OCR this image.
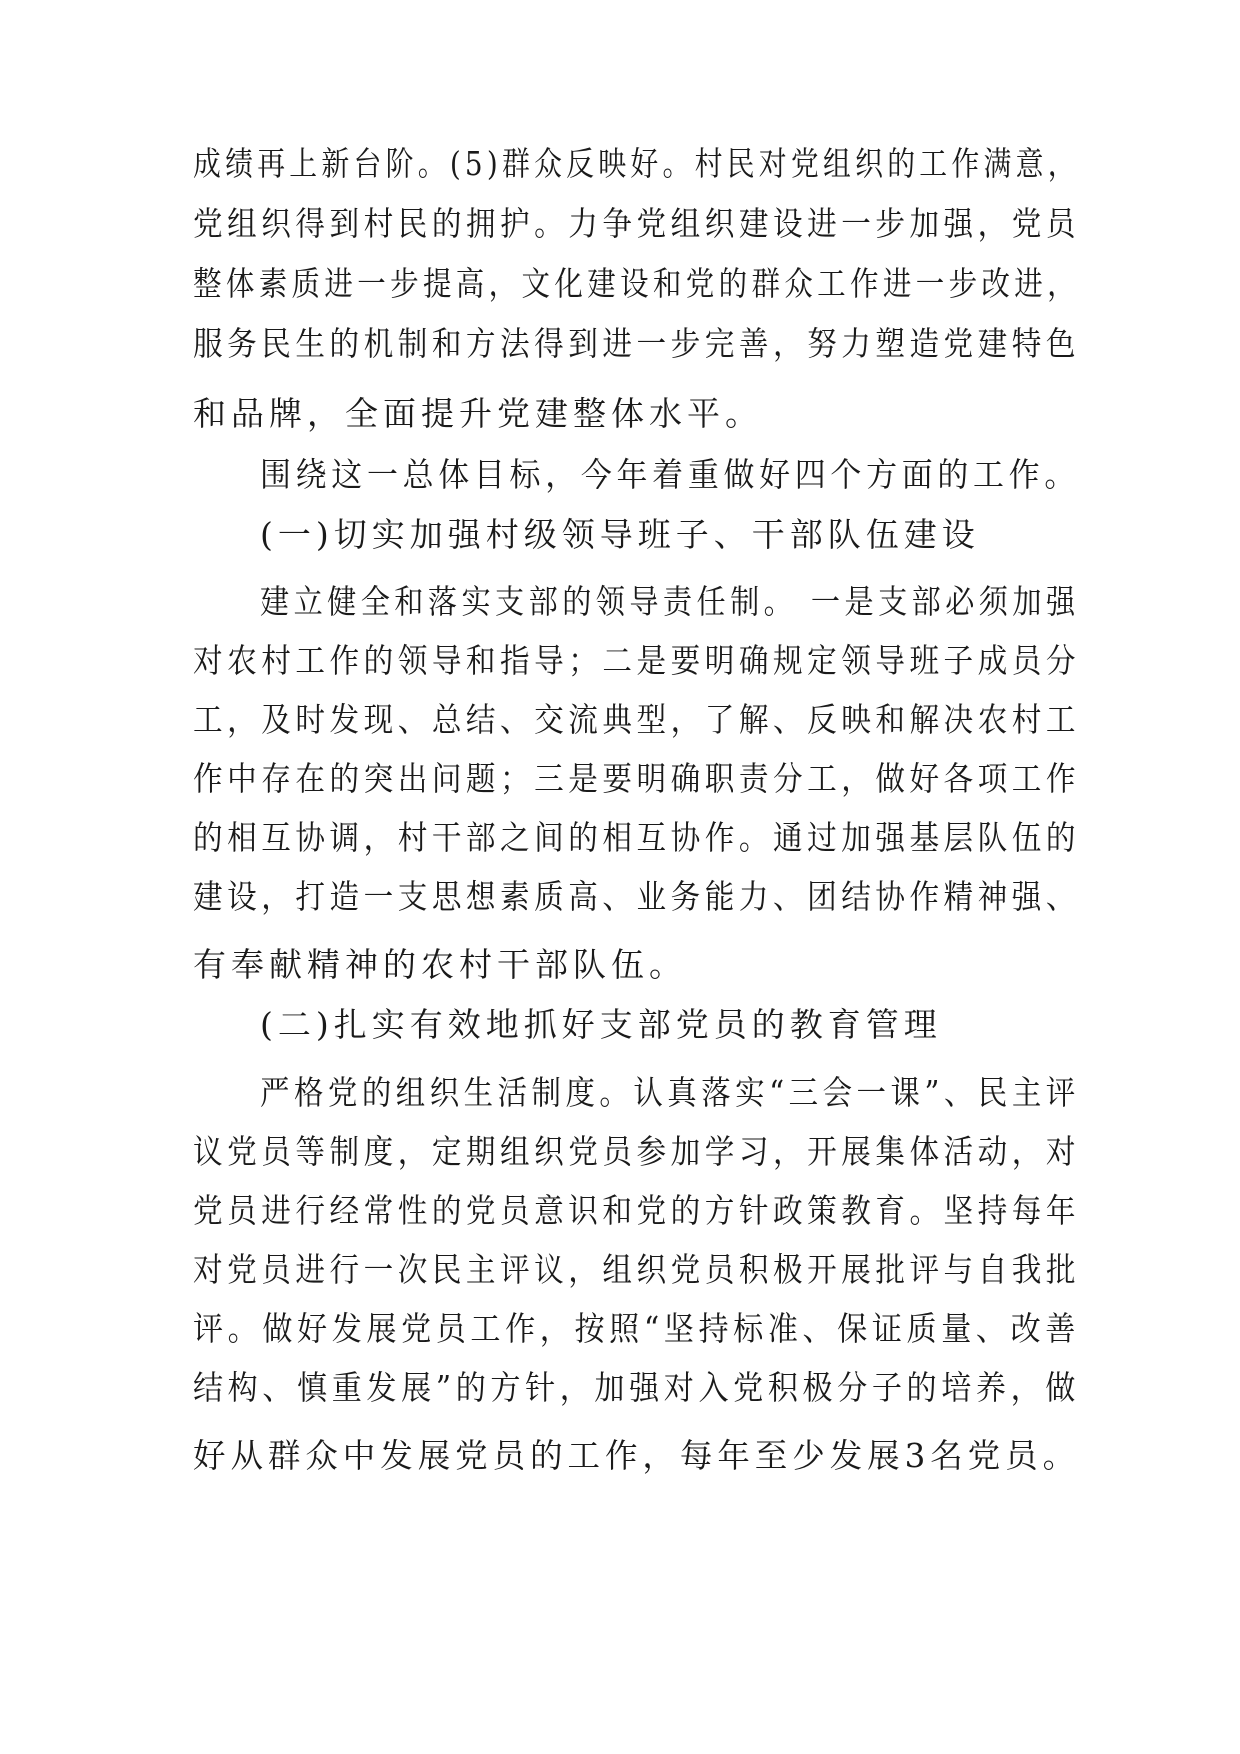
成绩再上新台阶。(5)群众反映好。村民对党组织的工作满意，
党组织得到村民的拥护。力争党组织建设进一步加强，党员
整体素质进一步提高，文化建设和党的群众工作进一步改进，
服务民生的机制和方法得到进一步完善，努力塑造党建特色
和品牌，全面提升党建整体水平。
围绕这一总体目标，今年着重做好四个方面的工作。
(一)切实加强村级领导班子、干部队伍建设
建立健全和落实支部的领导责任制。 一是支部必须加强
对农村工作的领导和指导；二是要明确规定领导班子成员分
工，及时发现、总结、交流典型，了解、反映和解决农村工
作中存在的突出问题；三是要明确职责分工，做好各项工作
的相互协调，村干部之间的相互协作。通过加强基层队伍的
建设，打造一支思想素质高、业务能力、团结协作精神强、
有奉献精神的农村干部队伍。
(二)扎实有效地抓好支部党员的教育管理
严格党的组织生活制度。认真落实“三会一课”、民主评
议党员等制度，定期组织党员参加学习，开展集体活动，对
党员进行经常性的党员意识和党的方针政策教育。坚持每年
对党员进行一次民主评议，组织党员积极开展批评与自我批
评。做好发展党员工作，按照“坚持标准、保证质量、改善
结构、慎重发展”的方针，加强对入党积极分子的培养，做
好从群众中发展党员的工作，每年至少发展3名党员。
